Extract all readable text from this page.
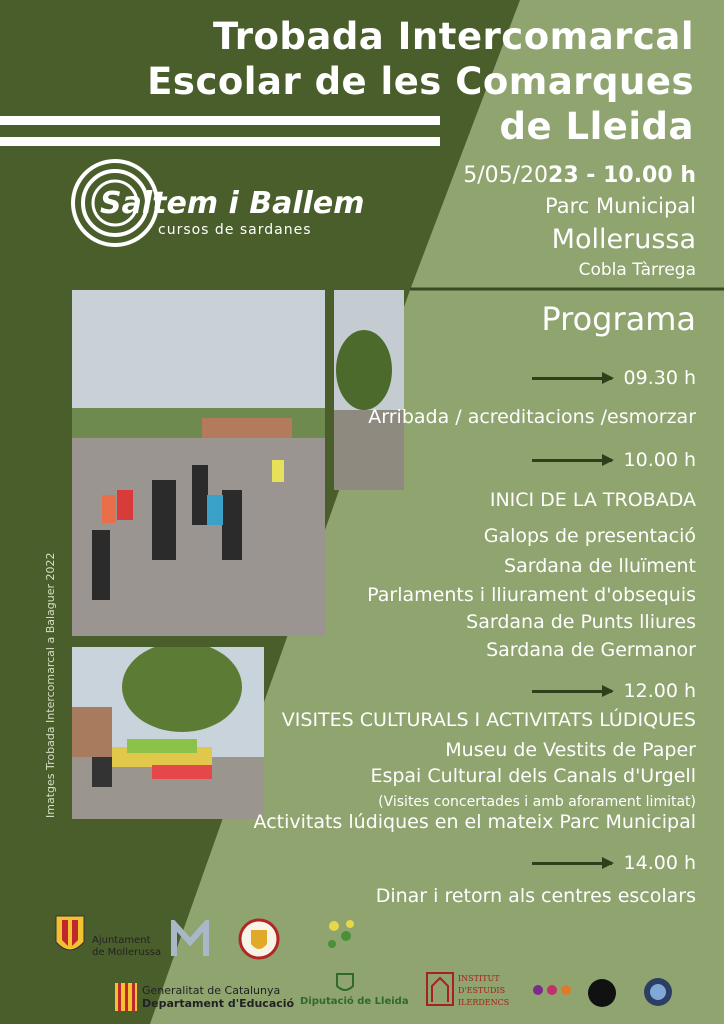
Trobada Intercomarcal
Escolar de les Comarques
de Lleida
5/05/2023 - 10.00 h
Parc Municipal
Mollerussa
Cobla Tàrrega
Saltem i Ballem
cursos de sardanes
Imatges Trobada Intercomarcal a Balaguer 2022
Programa
09.30 h
Arribada / acreditacions /esmorzar
10.00 h
INICI DE LA TROBADA
Galops de presentació
Sardana de lluïment
Parlaments i lliurament d'obsequis
Sardana de Punts lliures
Sardana de Germanor
12.00 h
VISITES CULTURALS I ACTIVITATS LÚDIQUES
Museu de Vestits de Paper
Espai Cultural dels Canals d'Urgell
(Visites concertades i amb aforament limitat)
Activitats lúdiques en el mateix Parc Municipal
14.00 h
Dinar i retorn als centres escolars
Ajuntament de Mollerussa
Generalitat de Catalunya
Departament d'Educació Diputació de Lleida
INSTITUT D'ESTUDIS ILERDENCS
